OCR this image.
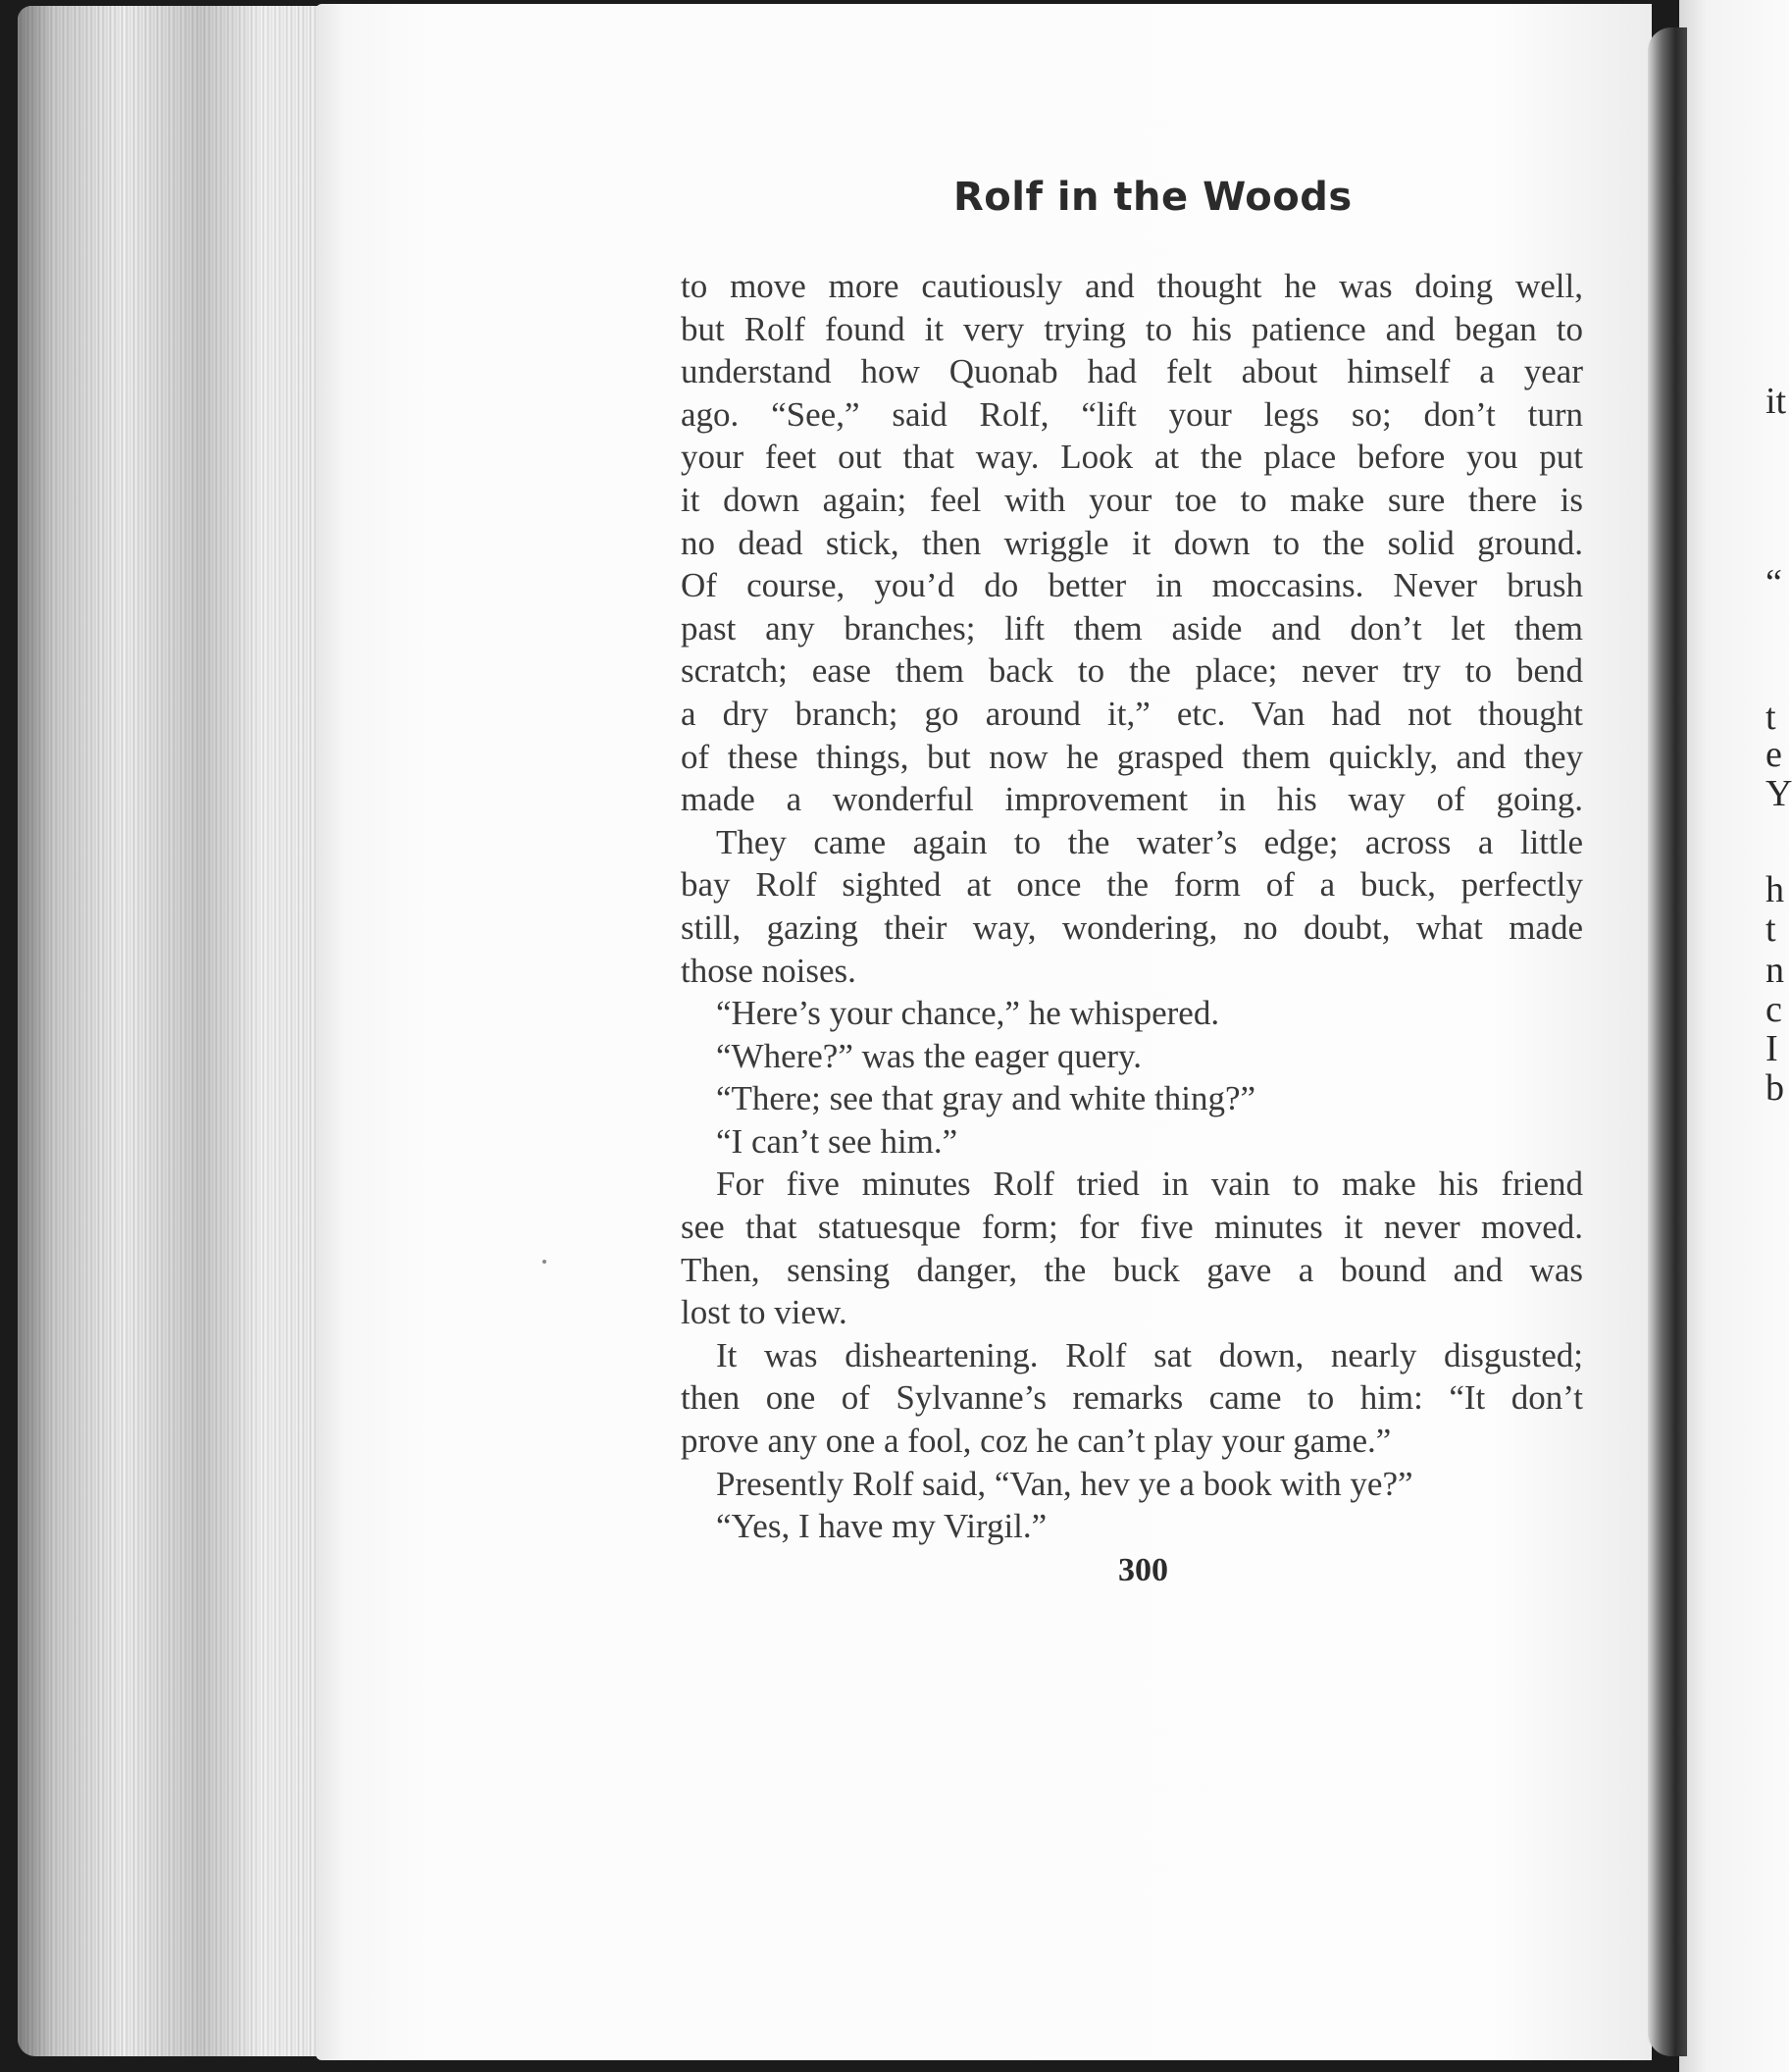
Rolf in the Woods
to move more cautiously and thought he was doing well,
but Rolf found it very trying to his patience and began to
understand how Quonab had felt about himself a year
ago. “See,” said Rolf, “lift your legs so; don’t turn
your feet out that way. Look at the place before you put
it down again; feel with your toe to make sure there is
no dead stick, then wriggle it down to the solid ground.
Of course, you’d do better in moccasins. Never brush
past any branches; lift them aside and don’t let them
scratch; ease them back to the place; never try to bend
a dry branch; go around it,” etc. Van had not thought
of these things, but now he grasped them quickly, and they
made a wonderful improvement in his way of going.
They came again to the water’s edge; across a little
bay Rolf sighted at once the form of a buck, perfectly
still, gazing their way, wondering, no doubt, what made
those noises.
“Here’s your chance,” he whispered.
“Where?” was the eager query.
“There; see that gray and white thing?”
“I can’t see him.”
For five minutes Rolf tried in vain to make his friend
see that statuesque form; for five minutes it never moved.
Then, sensing danger, the buck gave a bound and was
lost to view.
It was disheartening. Rolf sat down, nearly disgusted;
then one of Sylvanne’s remarks came to him: “It don’t
prove any one a fool, coz he can’t play your game.”
Presently Rolf said, “Van, hev ye a book with ye?”
“Yes, I have my Virgil.”
300
it
“
t
e
Y
h
t
n
c
I
b
